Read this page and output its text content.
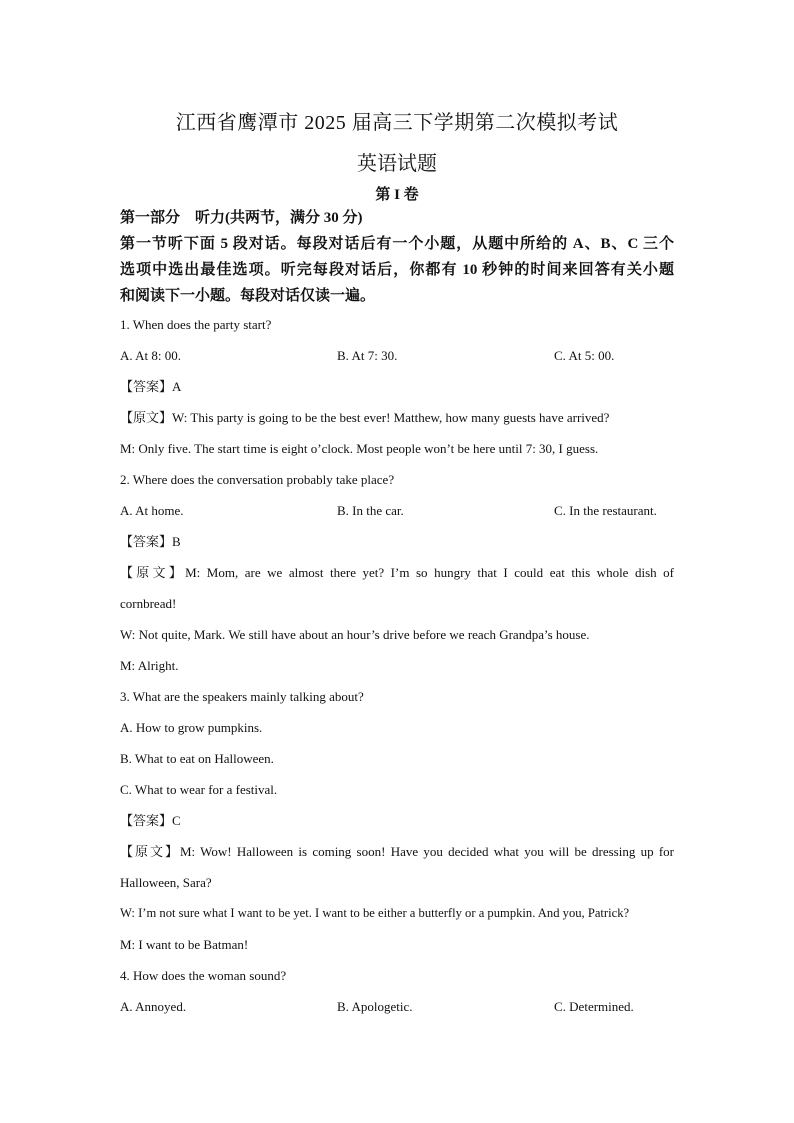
江西省鹰潭市 2025 届高三下学期第二次模拟考试
英语试题
第 I 卷
第一部分　听力(共两节，满分 30 分)
第一节听下面 5 段对话。每段对话后有一个小题，从题中所给的 A、B、C 三个
选项中选出最佳选项。听完每段对话后，你都有 10 秒钟的时间来回答有关小题
和阅读下一小题。每段对话仅读一遍。
1. When does the party start?
A. At 8: 00.	B. At 7: 30.	C. At 5: 00.
【答案】A
【原文】W: This party is going to be the best ever! Matthew, how many guests have arrived?
M: Only five. The start time is eight o’clock. Most people won’t be here until 7: 30, I guess.
2. Where does the conversation probably take place?
A. At home.	B. In the car.	C. In the restaurant.
【答案】B
【原文】M: Mom, are we almost there yet? I’m so hungry that I could eat this whole dish of
cornbread!
W: Not quite, Mark. We still have about an hour’s drive before we reach Grandpa’s house.
M: Alright.
3. What are the speakers mainly talking about?
A. How to grow pumpkins.
B. What to eat on Halloween.
C. What to wear for a festival.
【答案】C
【原文】M: Wow! Halloween is coming soon! Have you decided what you will be dressing up for
Halloween, Sara?
W: I’m not sure what I want to be yet. I want to be either a butterfly or a pumpkin. And you, Patrick?
M: I want to be Batman!
4. How does the woman sound?
A. Annoyed.	B. Apologetic.	C. Determined.
